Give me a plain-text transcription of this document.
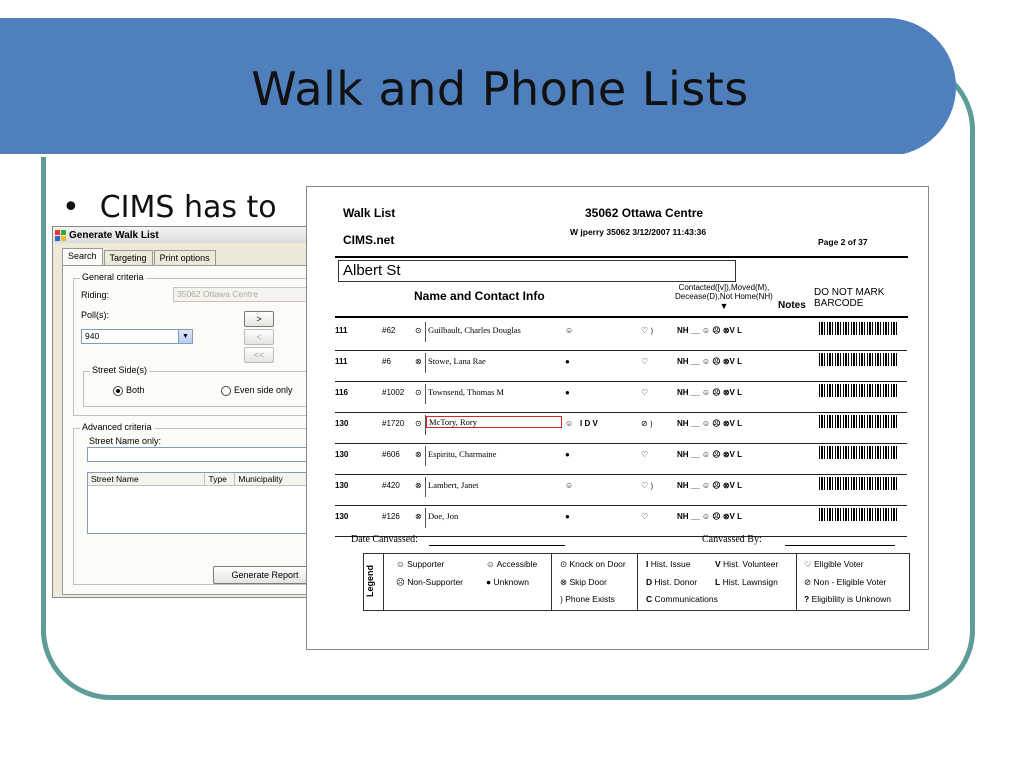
Walk and Phone Lists
• CIMS has to
Generate Walk List
Search	Targeting	Print options
General criteria
Riding:	35062 Ottawa Centre
Poll(s):
940	▼
>
<
<<
Street Side(s)
Both	Even side only
Advanced criteria
Street Name only:
Street Name	Type	Municipality
Generate Report
Walk List
CIMS.net
35062 Ottawa Centre
W jperry 35062 3/12/2007 11:43:36
Page 2 of 37
Albert St
Name and Contact Info
Contacted([v]),Moved(M),
Decease(D),Not Home(NH)
▼	Notes
DO NOT MARK
BARCODE
111	#62 ⊙ Guilbault, Charles Douglas	☺	♡ ⟯	NH __ ☺ ☹ ⊗V L
111	#6	⊗ Stowe, Lana Rae	●	♡	NH __ ☺ ☹ ⊗V L
116	#1002 ⊙ Townsend, Thomas M	●	♡	NH __ ☺ ☹ ⊗V L
130	#1720 ⊙ McTory, Rory	☺ I D V	⊘ ⟯	NH __ ☺ ☹ ⊗V L
130	#606 ⊗ Espiritu, Charmaine	●	♡	NH __ ☺ ☹ ⊗V L
130	#420 ⊗ Lambert, Janet	☺	♡ ⟯	NH __ ☺ ☹ ⊗V L
130	#126 ⊗ Doe, Jon	●	♡	NH __ ☺ ☹ ⊗V L
Date Canvassed:	Canvassed By:
Legend
☺ Supporter
☹ Non-Supporter
☺ Accessible
● Unknown
⊙ Knock on Door
⊗ Skip Door
⟯ Phone Exists
I Hist. Issue
D Hist. Donor
C Communications
V Hist. Volunteer
L Hist. Lawnsign
♡ Eligible Voter
⊘ Non - Eligible Voter
? Eligibility is Unknown
